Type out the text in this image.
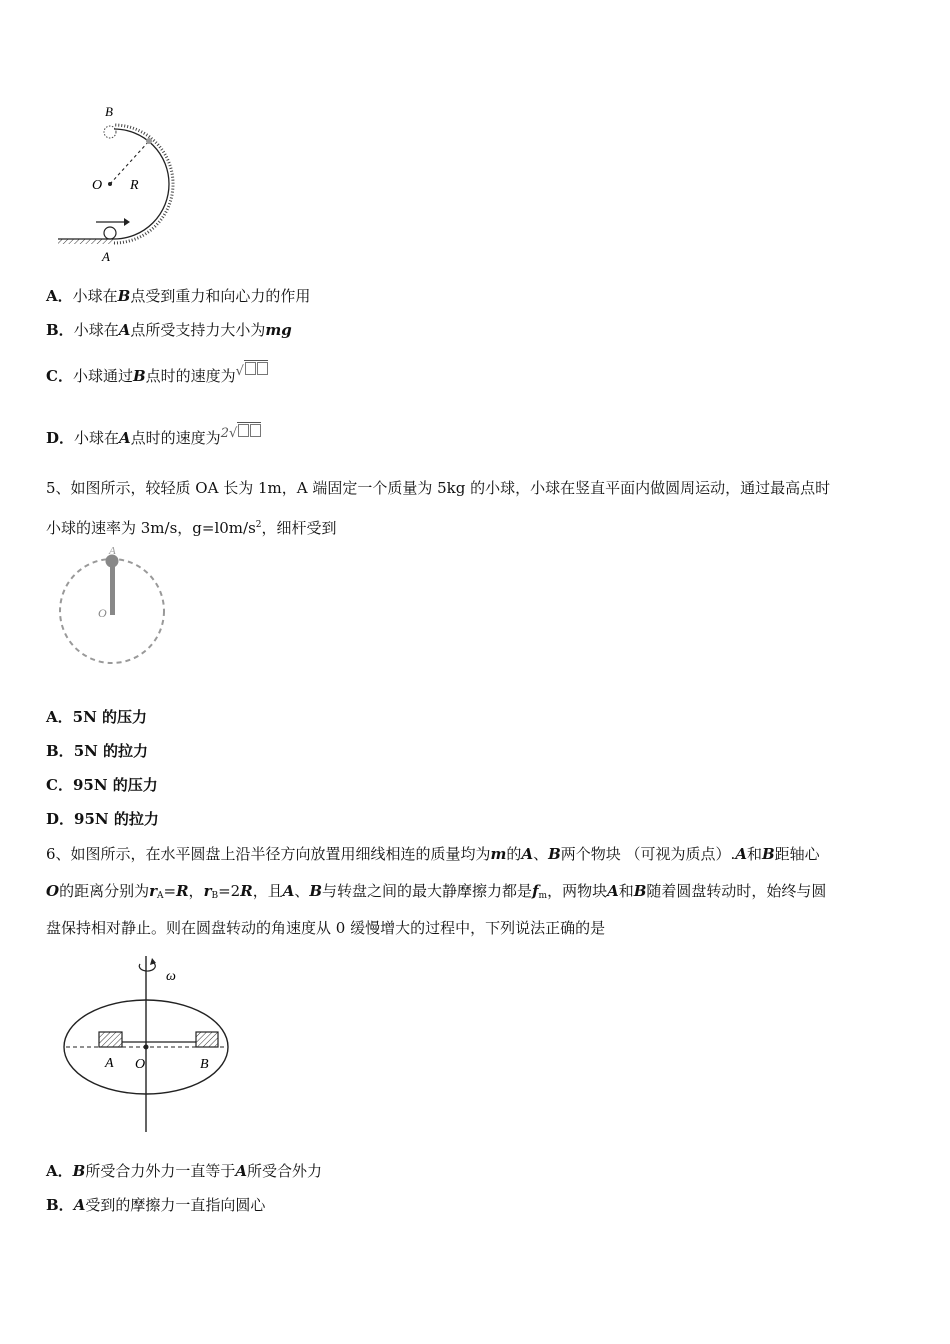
B
O R
A
A．小球在B点受到重力和向心力的作用
B．小球在A点所受支持力大小为mg
C．小球通过B点时的速度为√
D．小球在A点时的速度为2√
5、如图所示，较轻质 OA 长为 1m，A 端固定一个质量为 5kg 的小球，小球在竖直平面内做圆周运动，通过最高点时
小球的速率为 3m/s，$g=l0m/s^2$，细杆受到
A
O
A．5N 的压力
B．5N 的拉力
C．95N 的压力
D．95N 的拉力
6、如图所示，在水平圆盘上沿半径方向放置用细线相连的质量均为m的A、B两个物块 （可视为质点）.A和B距轴心
O的距离分别为$r_A=R$，$r_B=2R$，且A、B与转盘之间的最大静摩擦力都是$f_m$，两物块A和B随着圆盘转动时，始终与圆
盘保持相对静止。则在圆盘转动的角速度从 0 缓慢增大的过程中，下列说法正确的是
ω
A O	B
A．B所受合力外力一直等于A所受合外力
B．A受到的摩擦力一直指向圆心
